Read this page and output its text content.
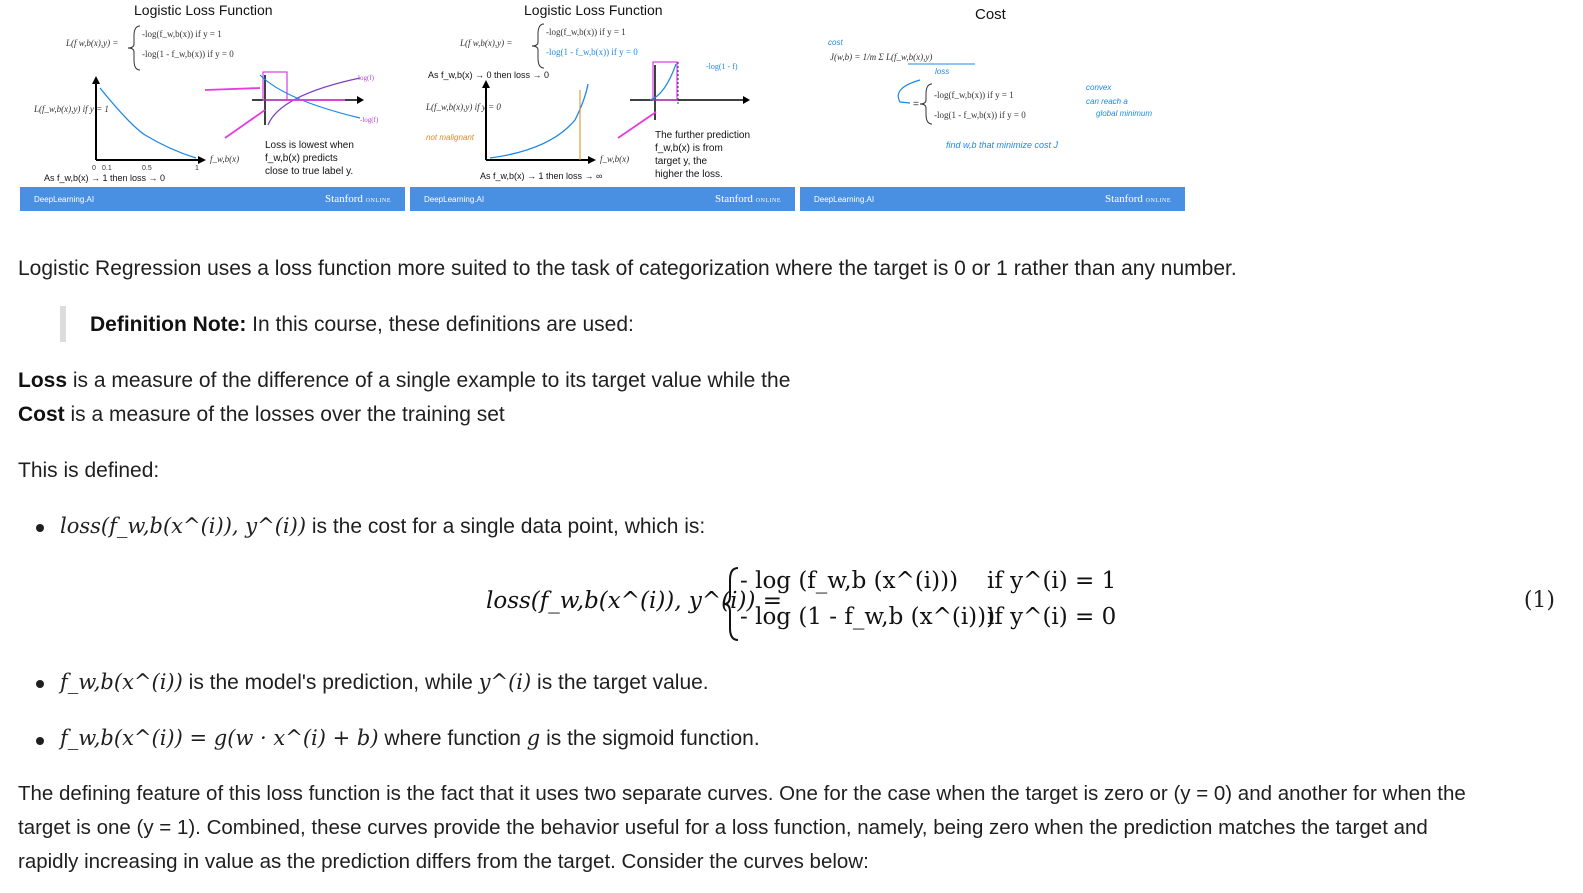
Logistic Loss Function
L(f w,b(x),y) =
-log(f_w,b(x)) if y = 1
-log(1 - f_w,b(x)) if y = 0
L(f_w,b(x),y) if y = 1
f_w,b(x)
0 0.1	0.5	1
log(f)
-log(f)
Loss is lowest when
f_w,b(x) predicts
close to true label y.
As f_w,b(x) → 1 then loss → 0
DeepLearning.AI	Stanford ONLINE
Logistic Loss Function
L(f w,b(x),y) =
-log(f_w,b(x)) if y = 1
-log(1 - f_w,b(x)) if y = 0
As f_w,b(x) → 0 then loss → 0
L(f_w,b(x),y) if y = 0
not malignant
f_w,b(x)
-log(1 - f)
The further prediction
f_w,b(x) is from
target y, the
higher the loss.
As f_w,b(x) → 1 then loss → ∞
DeepLearning.AI	Stanford ONLINE
Cost
cost
J(w,b) = 1/m Σ L(f_w,b(x),y)
loss
=
-log(f_w,b(x)) if y = 1
-log(1 - f_w,b(x)) if y = 0
convex
can reach a
global minimum
find w,b that minimize cost J
DeepLearning.AI	Stanford ONLINE
Logistic Regression uses a loss function more suited to the task of categorization where the target is 0 or 1 rather than any number.
Definition Note: In this course, these definitions are used:
Loss is a measure of the difference of a single example to its target value while the
Cost is a measure of the losses over the training set
This is defined:
loss(f_w,b(x^(i)), y^(i)) is the cost for a single data point, which is:
loss(f_w,b(x^(i)), y^(i)) =
- log (f_w,b (x^(i))) if y^(i) = 1
- log (1 - f_w,b (x^(i)))
if y^(i) = 0
(1)
f_w,b(x^(i)) is the model's prediction, while y^(i) is the target value.
f_w,b(x^(i)) = g(w · x^(i) + b) where function g is the sigmoid function.
The defining feature of this loss function is the fact that it uses two separate curves. One for the case when the target is zero or (y = 0) and another for when the
target is one (y = 1). Combined, these curves provide the behavior useful for a loss function, namely, being zero when the prediction matches the target and
rapidly increasing in value as the prediction differs from the target. Consider the curves below:
